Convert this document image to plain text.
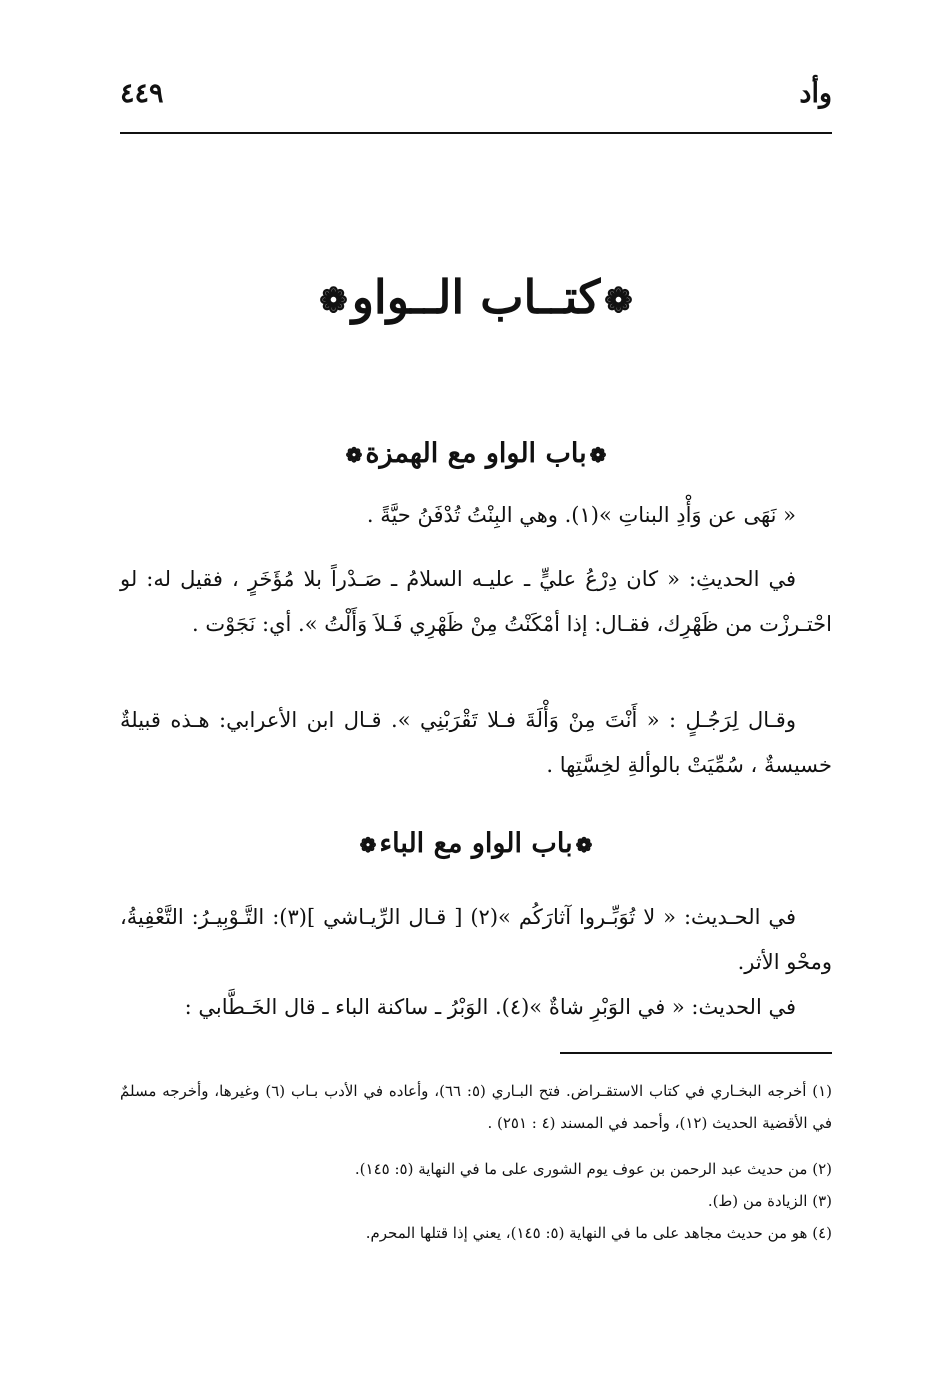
وأد
٤٤٩
❁كتــاب الــواو❁
❁باب الواو مع الهمزة❁

« نَهَى عن وَأْدِ البناتِ »(١). وهي البِنْتُ تُدْفَنُ حيَّةً .

في الحديثِ: « كان دِرْعُ عليٍّ ـ عليـه السلامُ ـ صَـدْراً بلا مُؤَخَرٍ ، فقيل له: لو احْتـرزْت من ظَهْرِك، فقـال: إذا أمْكَنْتُ مِنْ ظَهْرِي فَـلاَ وَأَلْتُ ». أي: نَجَوْت .

وقـال لِرَجُـلٍ : « أَنْتَ مِنْ وَأْلَةَ فـلا تَقْرَبْنِي ». قـال ابن الأعرابي: هـذه قبيلةٌ خسيسةٌ ، سُمِّيَتْ بالوألةِ لخِسَّتِها .

❁باب الواو مع الباء❁

في الحـديث: « لا تُوَبِّـروا آثارَكُم »(٢) [ قـال الرِّيـاشي ](٣): التَّـوْبِيـرُ: التَّعْفِيةُ، ومحْو الأثر.

في الحديث: « في الوَبْرِ شاةٌ »(٤). الوَبْرُ ـ ساكنة الباء ـ قال الخَـطَّابي :

(١) أخرجه البخـاري في كتاب الاستقـراض. فتح البـاري (٥: ٦٦)، وأعاده في الأدب بـاب (٦) وغيرها، وأخرجه مسلمٌ في الأقضية الحديث (١٢)، وأحمد في المسند (٤ : ٢٥١) .

(٢) من حديث عبد الرحمن بن عوف يوم الشورى على ما في النهاية (٥: ١٤٥).

(٣) الزيادة من (ط).

(٤) هو من حديث مجاهد على ما في النهاية (٥: ١٤٥)، يعني إذا قتلها المحرم.
